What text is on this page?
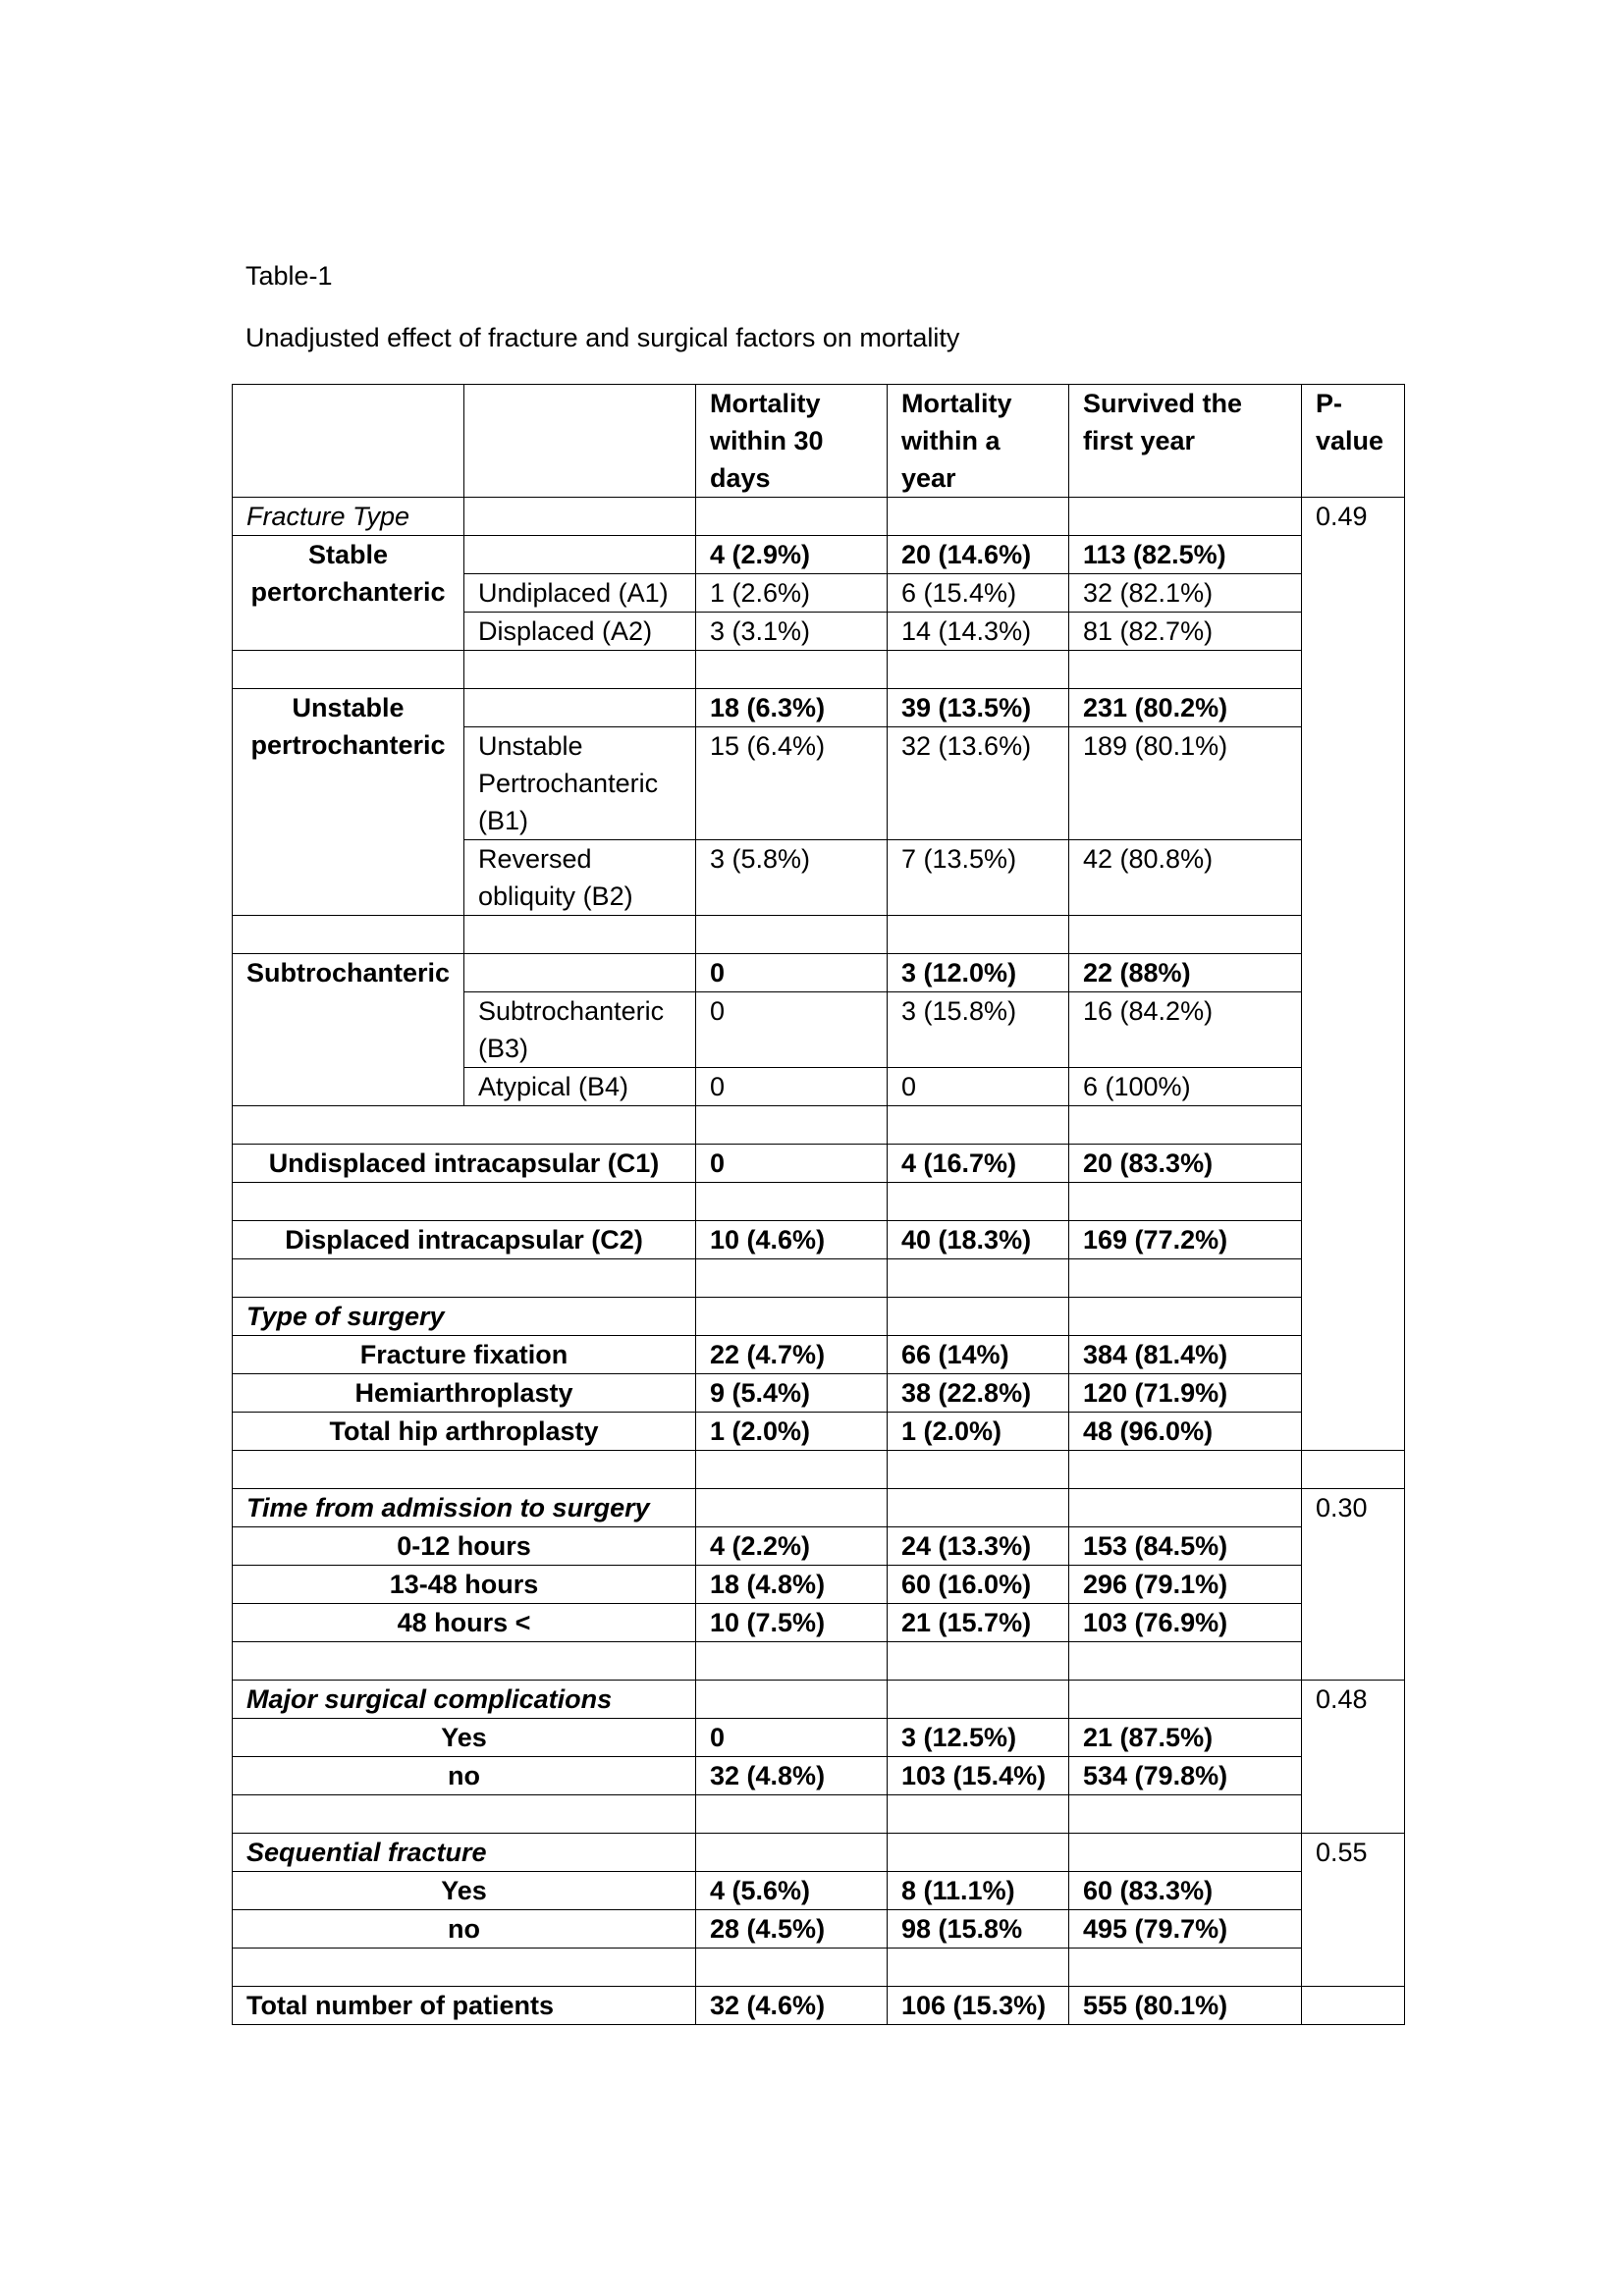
Table-1

Unadjusted effect of fracture and surgical factors on mortality

		Mortality within 30 days	Mortality within a year	Survived the first year	P-value	
Fracture Type					0.49	
Stable pertorchanteric		4 (2.9%)	20 (14.6%)	113 (82.5%)		
	Undiplaced (A1)	1 (2.6%)	6 (15.4%)	32 (82.1%)		
	Displaced (A2)	3 (3.1%)	14 (14.3%)	81 (82.7%)		

Unstable pertrochanteric		18 (6.3%)	39 (13.5%)	231 (80.2%)		
	Unstable Pertrochanteric (B1)	15 (6.4%)	32 (13.6%)	189 (80.1%)		
	Reversed obliquity (B2)	3 (5.8%)	7 (13.5%)	42 (80.8%)		

Subtrochanteric		0	3 (12.0%)	22 (88%)		
	Subtrochanteric (B3)	0	3 (15.8%)	16 (84.2%)		
	Atypical (B4)	0	0	6 (100%)		

Undisplaced intracapsular (C1)		0	4 (16.7%)	20 (83.3%)		

Displaced intracapsular (C2)		10 (4.6%)	40 (18.3%)	169 (77.2%)		

Type of surgery				
Fracture fixation		22 (4.7%)	66 (14%)	384 (81.4%)		
Hemiarthroplasty		9 (5.4%)	38 (22.8%)	120 (71.9%)		
Total hip arthroplasty		1 (2.0%)	1 (2.0%)	48 (96.0%)		

Time from admission to surgery					0.30	
0-12 hours		4 (2.2%)	24 (13.3%)	153 (84.5%)		
13-48 hours		18 (4.8%)	60 (16.0%)	296 (79.1%)		
48 hours <		10 (7.5%)	21 (15.7%)	103 (76.9%)		

Major surgical complications					0.48	
Yes		0	3 (12.5%)	21 (87.5%)		
no		32 (4.8%)	103 (15.4%)	534 (79.8%)		

Sequential fracture					0.55	
Yes		4 (5.6%)	8 (11.1%)	60 (83.3%)		
no		28 (4.5%)	98 (15.8%	495 (79.7%)		

Total number of patients		32 (4.6%)	106 (15.3%)	555 (80.1%)		
